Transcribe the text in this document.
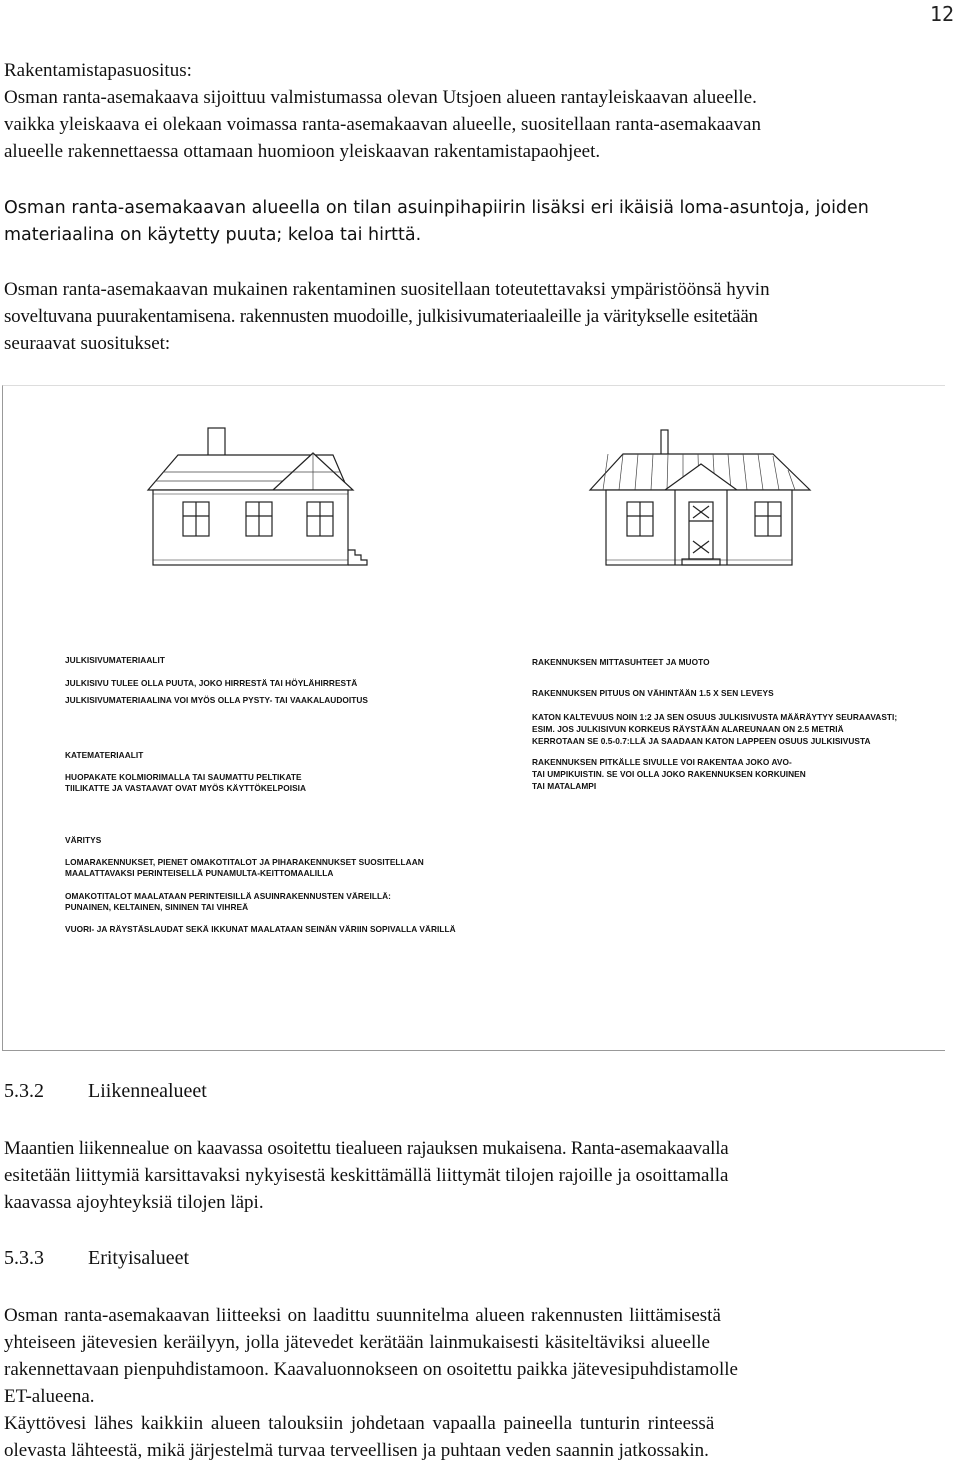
12

Rakentamistapasuositus:

Osman ranta-asemakaava sijoittuu valmistumassa olevan Utsjoen alueen rantayleiskaavan alueelle.

vaikka yleiskaava ei olekaan voimassa ranta-asemakaavan alueelle, suositellaan ranta-asemakaavan

alueelle rakennettaessa ottamaan huomioon yleiskaavan rakentamistapaohjeet.

Osman ranta-asemakaavan alueella on tilan asuinpihapiirin lisäksi eri ikäisiä loma-asuntoja, joiden

materiaalina on käytetty puuta; keloa tai hirttä.

Osman ranta-asemakaavan mukainen rakentaminen suositellaan toteutettavaksi ympäristöönsä hyvin

soveltuvana puurakentamisena. rakennusten muodoille, julkisivumateriaaleille ja väritykselle esitetään

seuraavat suositukset:

JULKISIVUMATERIAALIT
JULKISIVU TULEE OLLA PUUTA, JOKO HIRRESTÄ TAI HÖYLÄHIRRESTÄ
JULKISIVUMATERIAALINA VOI MYÖS OLLA PYSTY- TAI VAAKALAUDOITUS
KATEMATERIAALIT
HUOPAKATE KOLMIORIMALLA TAI SAUMATTU PELTIKATE
TIILIKATTE JA VASTAAVAT OVAT MYÖS KÄYTTÖKELPOISIA
VÄRITYS
LOMARAKENNUKSET, PIENET OMAKOTITALOT JA PIHARAKENNUKSET SUOSITELLAAN
MAALATTAVAKSI PERINTEISELLÄ PUNAMULTA-KEITTOMAALILLA
OMAKOTITALOT MAALATAAN PERINTEISILLÄ ASUINRAKENNUSTEN VÄREILLÄ:
PUNAINEN, KELTAINEN, SININEN TAI VIHREÄ
VUORI- JA RÄYSTÄSLAUDAT SEKÄ IKKUNAT MAALATAAN SEINÄN VÄRIIN SOPIVALLA VÄRILLÄ
RAKENNUKSEN MITTASUHTEET JA MUOTO
RAKENNUKSEN PITUUS ON VÄHINTÄÄN 1.5 X SEN LEVEYS
KATON KALTEVUUS NOIN 1:2 JA SEN OSUUS JULKISIVUSTA MÄÄRÄYTYY SEURAAVASTI;
ESIM. JOS JULKISIVUN KORKEUS RÄYSTÄÄN ALAREUNAAN ON 2.5 METRIÄ
KERROTAAN SE 0.5-0.7:LLÄ JA SAADAAN KATON LAPPEEN OSUUS JULKISIVUSTA
RAKENNUKSEN PITKÄLLE SIVULLE VOI RAKENTAA JOKO AVO-
TAI UMPIKUISTIN. SE VOI OLLA JOKO RAKENNUKSEN KORKUINEN
TAI MATALAMPI
5.3.2 Liikennealueet

Maantien liikennealue on kaavassa osoitettu tiealueen rajauksen mukaisena. Ranta-asemakaavalla

esitetään liittymiä karsittavaksi nykyisestä keskittämällä liittymät tilojen rajoille ja osoittamalla

kaavassa ajoyhteyksiä tilojen läpi.

5.3.3 Erityisalueet

Osman ranta-asemakaavan liitteeksi on laadittu suunnitelma alueen rakennusten liittämisestä

yhteiseen jätevesien keräilyyn, jolla jätevedet kerätään lainmukaisesti käsiteltäviksi alueelle

rakennettavaan pienpuhdistamoon. Kaavaluonnokseen on osoitettu paikka jätevesipuhdistamolle

ET-alueena.

Käyttövesi lähes kaikkiin alueen talouksiin johdetaan vapaalla paineella tunturin rinteessä

olevasta lähteestä, mikä järjestelmä turvaa terveellisen ja puhtaan veden saannin jatkossakin.
